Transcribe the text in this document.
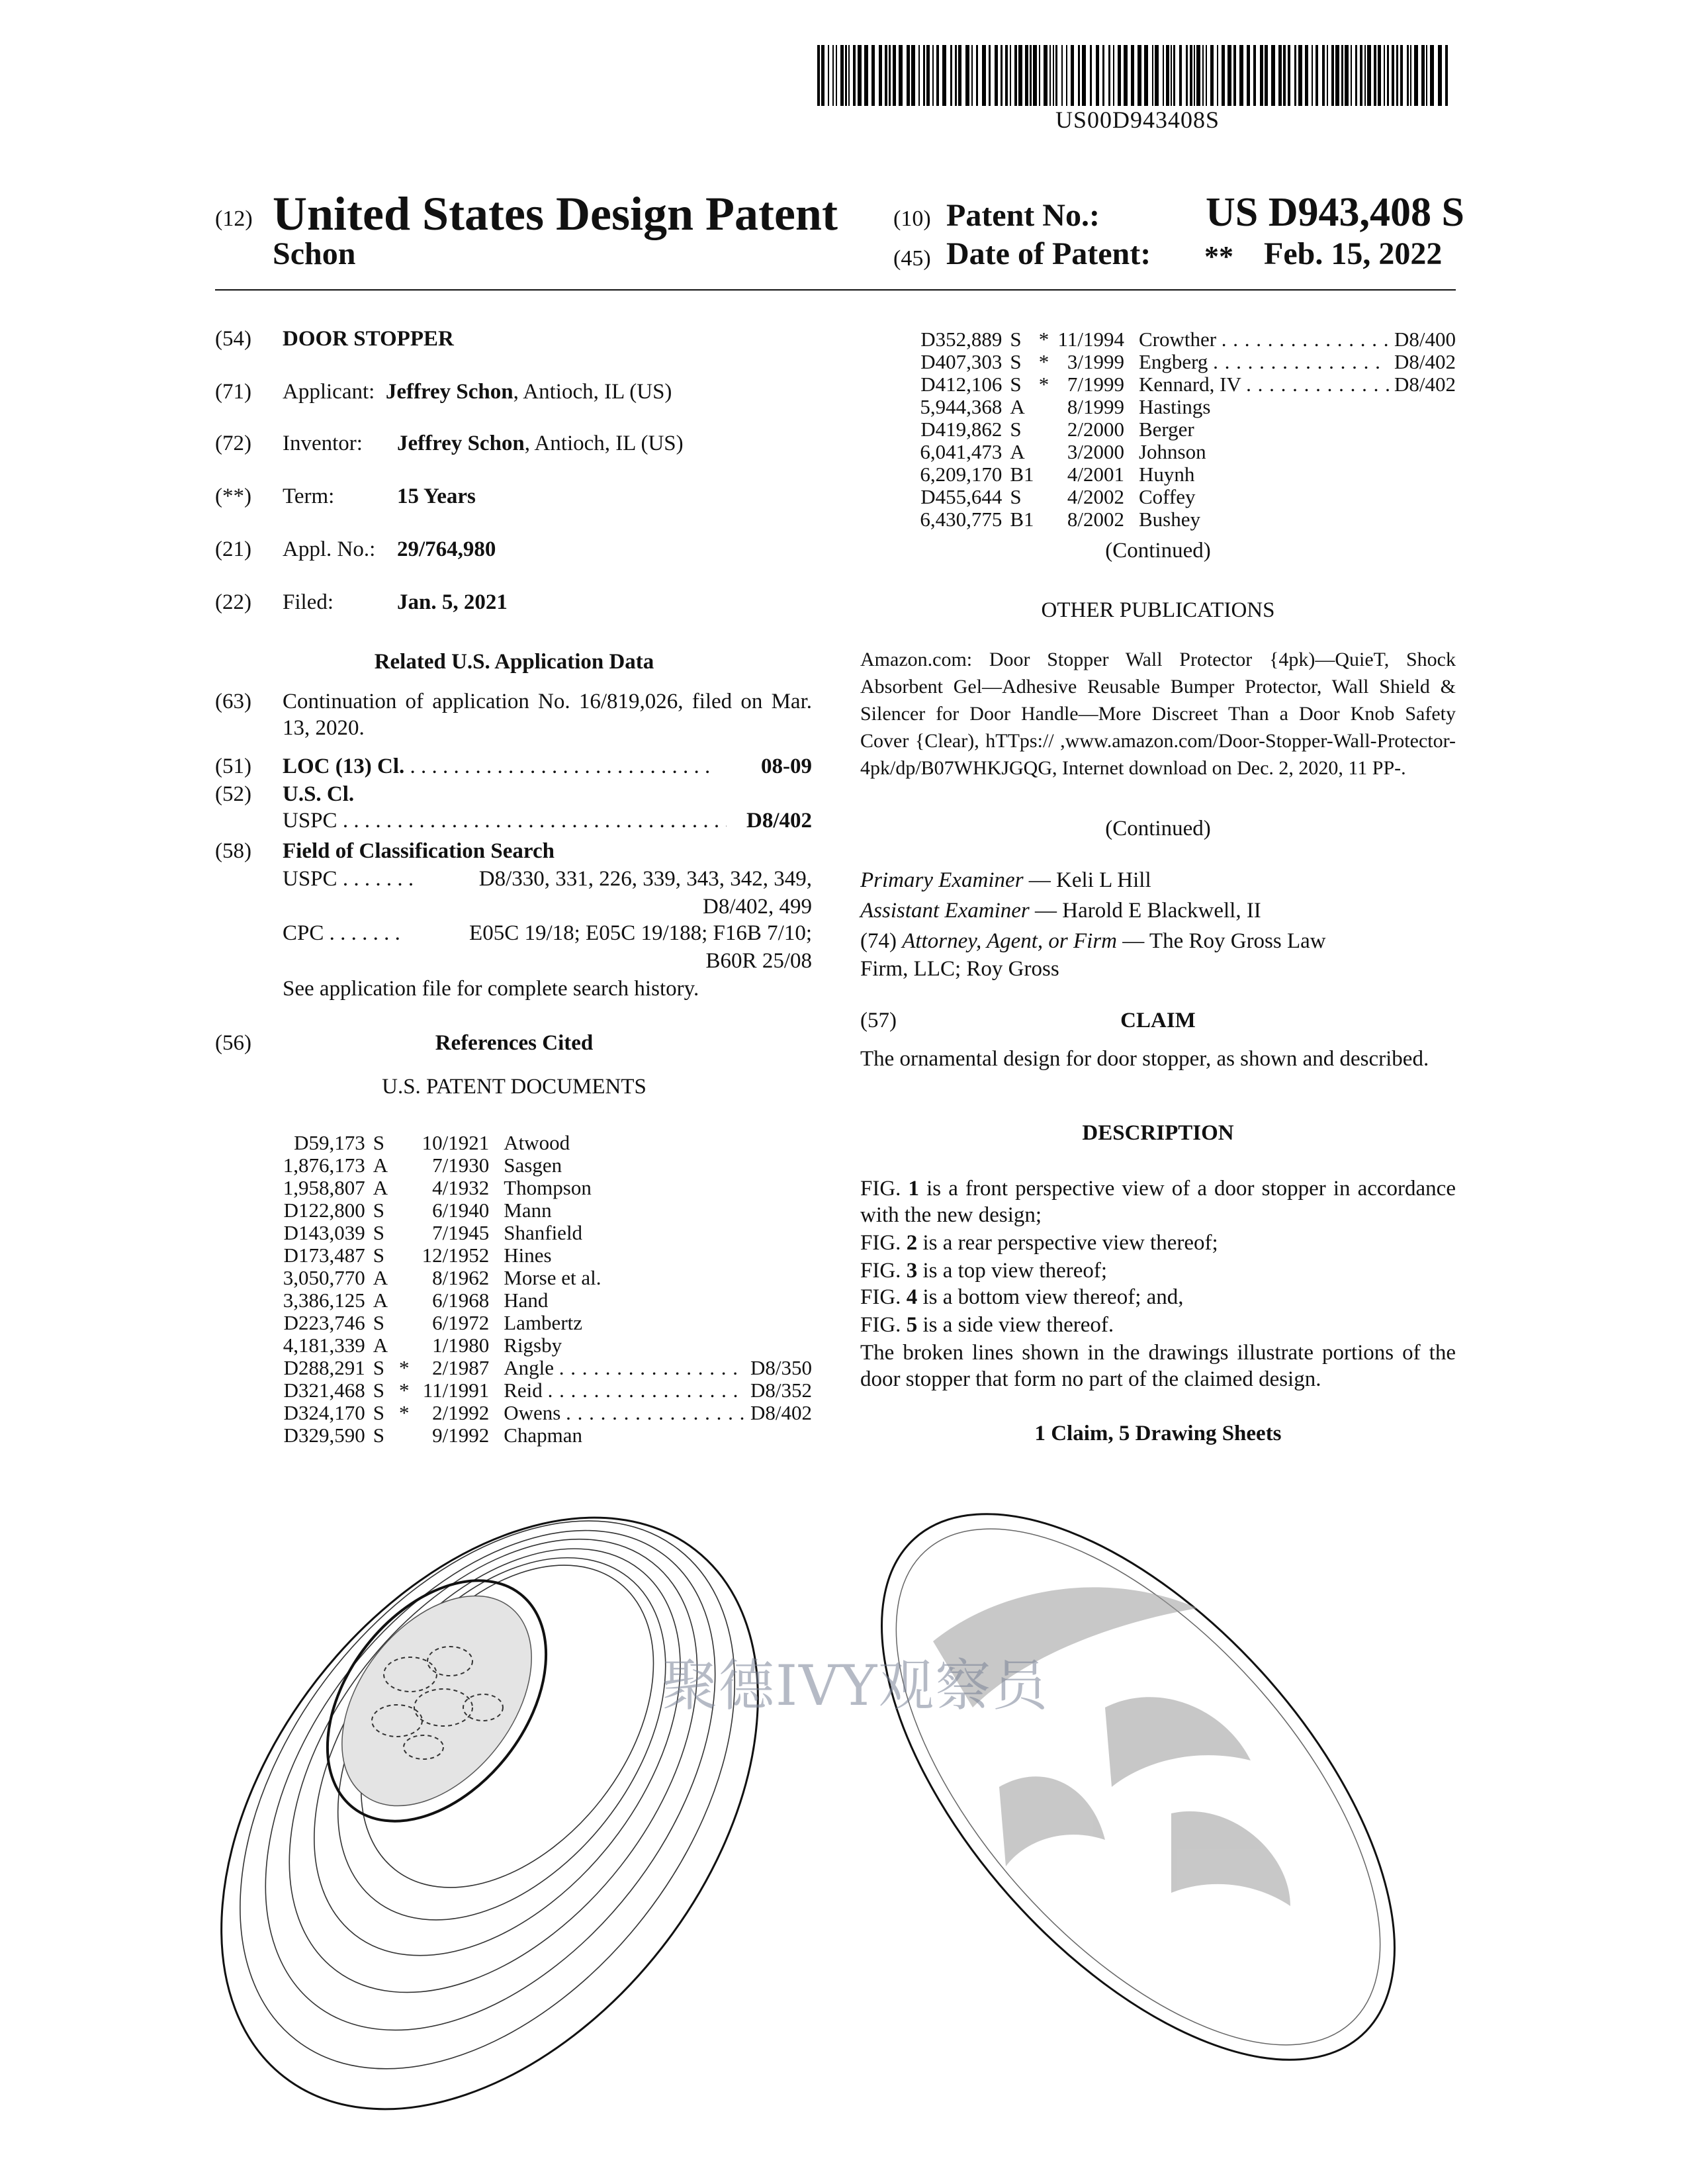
US00D943408S
(12) United States Design Patent
Schon
(10) Patent No.:	US D943,408 S
(45) Date of Patent: ** Feb. 15, 2022
(54) DOOR STOPPER
(71) Applicant: Jeffrey Schon, Antioch, IL (US)
(72) Inventor: Jeffrey Schon, Antioch, IL (US)
(**) Term:	15 Years
(21) Appl. No.: 29/764,980
(22) Filed:	Jan. 5, 2021
Related U.S. Application Data
(63) Continuation of application No. 16/819,026, filed on Mar. 13, 2020.
(51) LOC (13) Cl. . . .	08-09
(52) U.S. Cl.
USPC . . .	D8/402
(58) Field of Classification Search
USPC . . .	D8/330, 331, 226, 339, 343, 342, 349,
D8/402, 499
CPC . . .	E05C 19/18; E05C 19/188; F16B 7/10;
B60R 25/08
See application file for complete search history.
(56)	References Cited
U.S. PATENT DOCUMENTS
D59,173	S		10/1921	Atwood	
1,876,173	A		7/1930	Sasgen	
1,958,807	A		4/1932	Thompson	
D122,800	S		6/1940	Mann	
D143,039	S		7/1945	Shanfield	
D173,487	S		12/1952	Hines	
3,050,770	A		8/1962	Morse et al.	
3,386,125	A		6/1968	Hand	
D223,746	S		6/1972	Lambertz	
4,181,339	A		1/1980	Rigsby	
D288,291	S	*	2/1987	Angle . . . . . . . . . . . . . . . .	D8/350
D321,468	S	*	11/1991	Reid . . . . . . . . . . . . . . . . .	D8/352
D324,170	S	*	2/1992	Owens . . . . . . . . . . . . . . . .	D8/402
D329,590	S		9/1992	Chapman	
D352,889	S	*	11/1994	Crowther . . . . . . . . . . . . . . .	D8/400
D407,303	S	*	3/1999	Engberg . . . . . . . . . . . . . . .	D8/402
D412,106	S	*	7/1999	Kennard, IV . . . . . . . . . . . . .	D8/402
5,944,368	A		8/1999	Hastings	
D419,862	S		2/2000	Berger	
6,041,473	A		3/2000	Johnson	
6,209,170	B1		4/2001	Huynh	
D455,644	S		4/2002	Coffey	
6,430,775	B1		8/2002	Bushey	
(Continued)
OTHER PUBLICATIONS
Amazon.com: Door Stopper Wall Protector {4pk)—QuieT, Shock Absorbent Gel—Adhesive Reusable Bumper Protector, Wall Shield & Silencer for Door Handle—More Discreet Than a Door Knob Safety Cover {Clear), hTTps:// ,www.amazon.com/Door-Stopper-Wall-Protector-4pk/dp/B07WHKJGQG, Internet download on Dec. 2, 2020, 11 PP-.
(Continued)
Primary Examiner — Keli L Hill
Assistant Examiner — Harold E Blackwell, II
(74) Attorney, Agent, or Firm — The Roy Gross Law
Firm, LLC; Roy Gross
(57)	CLAIM
The ornamental design for door stopper, as shown and described.
DESCRIPTION
FIG. 1 is a front perspective view of a door stopper in accordance with the new design;
FIG. 2 is a rear perspective view thereof;
FIG. 3 is a top view thereof;
FIG. 4 is a bottom view thereof; and,
FIG. 5 is a side view thereof.
The broken lines shown in the drawings illustrate portions of the door stopper that form no part of the claimed design.
1 Claim, 5 Drawing Sheets
聚德IVY观察员
